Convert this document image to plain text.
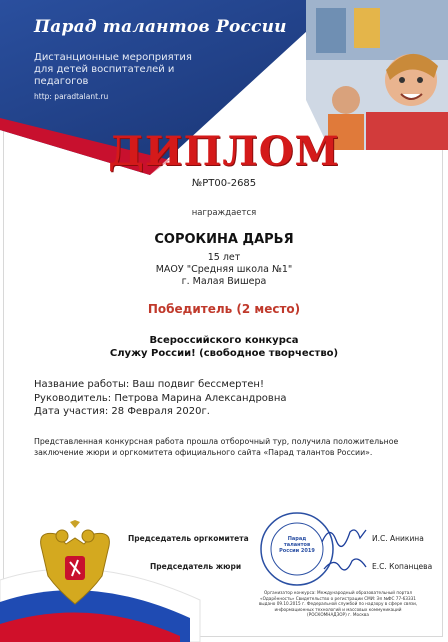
Парад талантов России
Дистанционные мероприятия для детей воспитателей и педагогов
http: paradtalant.ru
ДИПЛОМ
№PT00-2685
награждается
СОРОКИНА ДАРЬЯ
15 лет
МАОУ "Средняя школа №1"
г. Малая Вишера
Победитель (2 место)
Всероссийского конкурса
Служу России! (свободное творчество)
Название работы: Ваш подвиг бессмертен!
Руководитель: Петрова Марина Александровна
Дата участия: 28 Февраля 2020г.
Представленная конкурсная работа прошла отборочный тур, получила положительное заключение жюри и оргкомитета официального сайта «Парад талантов России».
Председатель оргкомитета	И.С. Аникина
Председатель жюри	Е.С. Копанцева
Парад талантов России 2019
Организатор конкурса: Международный образовательный портал «Одарённость» Свидетельство о регистрации СМИ: Эл №ФС 77-63331 выдано 09.10.2015 г. Федеральной службой по надзору в сфере связи, информационных технологий и массовых коммуникаций (РОСКОМНАДЗОР) г. Москва
